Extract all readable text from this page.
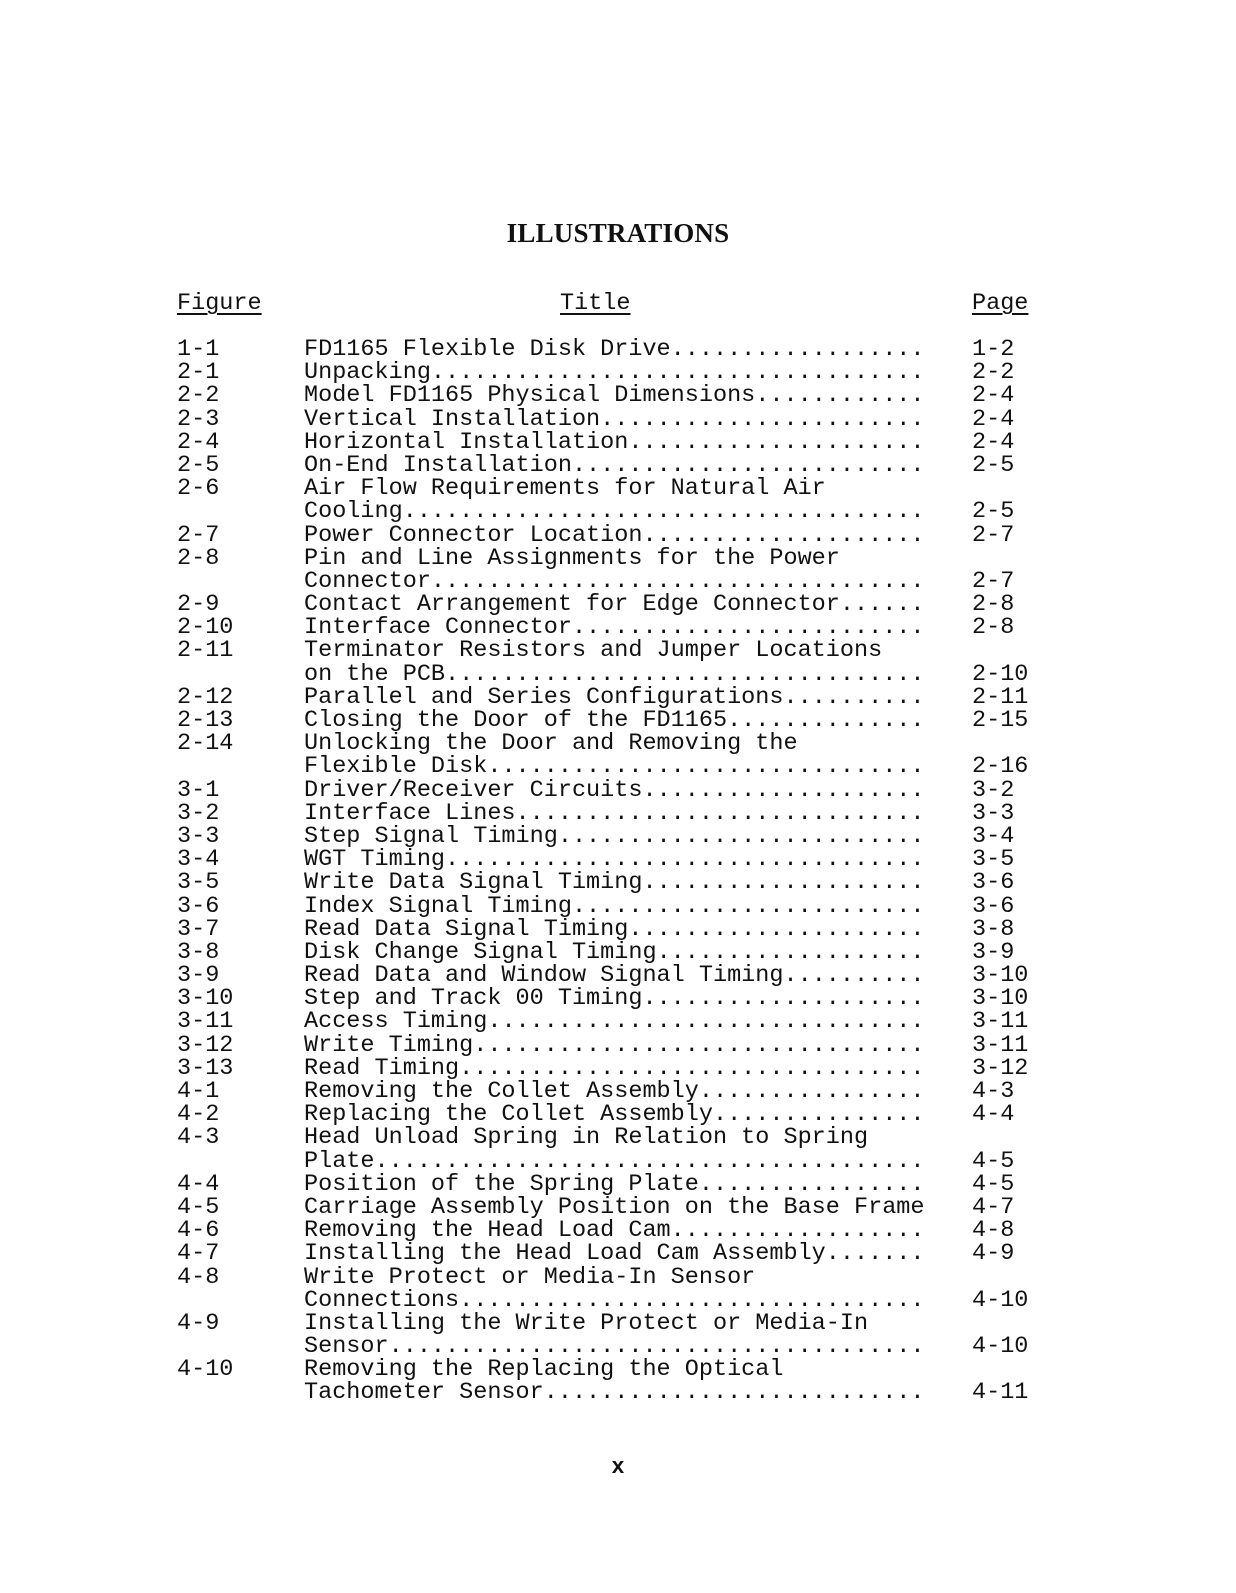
ILLUSTRATIONS
Figure	Title	Page
1-1	FD1165 Flexible Disk Drive .....	1-2
2-1	Unpacking .....	2-2
2-2	Model FD1165 Physical Dimensions .....	2-4
2-3	Vertical Installation .....	2-4
2-4	Horizontal Installation .....	2-4
2-5	On-End Installation .....	2-5
2-6	Air Flow Requirements for Natural Air
Cooling .....	2-5
2-7	Power Connector Location .....	2-7
2-8	Pin and Line Assignments for the Power
Connector .....	2-7
2-9	Contact Arrangement for Edge Connector .....	2-8
2-10	Interface Connector .....	2-8
2-11	Terminator Resistors and Jumper Locations
on the PCB .....	2-10
2-12	Parallel and Series Configurations .....	2-11
2-13	Closing the Door of the FD1165 .....	2-15
2-14	Unlocking the Door and Removing the
Flexible Disk .....	2-16
3-1	Driver/Receiver Circuits .....	3-2
3-2	Interface Lines .....	3-3
3-3	Step Signal Timing .....	3-4
3-4	WGT Timing .....	3-5
3-5	Write Data Signal Timing .....	3-6
3-6	Index Signal Timing .....	3-6
3-7	Read Data Signal Timing .....	3-8
3-8	Disk Change Signal Timing .....	3-9
3-9	Read Data and Window Signal Timing .....	3-10
3-10	Step and Track 00 Timing .....	3-10
3-11	Access Timing .....	3-11
3-12	Write Timing .....	3-11
3-13	Read Timing .....	3-12
4-1	Removing the Collet Assembly .....	4-3
4-2	Replacing the Collet Assembly .....	4-4
4-3	Head Unload Spring in Relation to Spring
Plate .....	4-5
4-4	Position of the Spring Plate .....	4-5
4-5	Carriage Assembly Position on the Base Frame ..... 4-7
4-6	Removing the Head Load Cam .....	4-8
4-7	Installing the Head Load Cam Assembly .....	4-9
4-8	Write Protect or Media-In Sensor
Connections .....	4-10
4-9	Installing the Write Protect or Media-In
Sensor .....	4-10
4-10	Removing the Replacing the Optical
Tachometer Sensor .....	4-11
x
